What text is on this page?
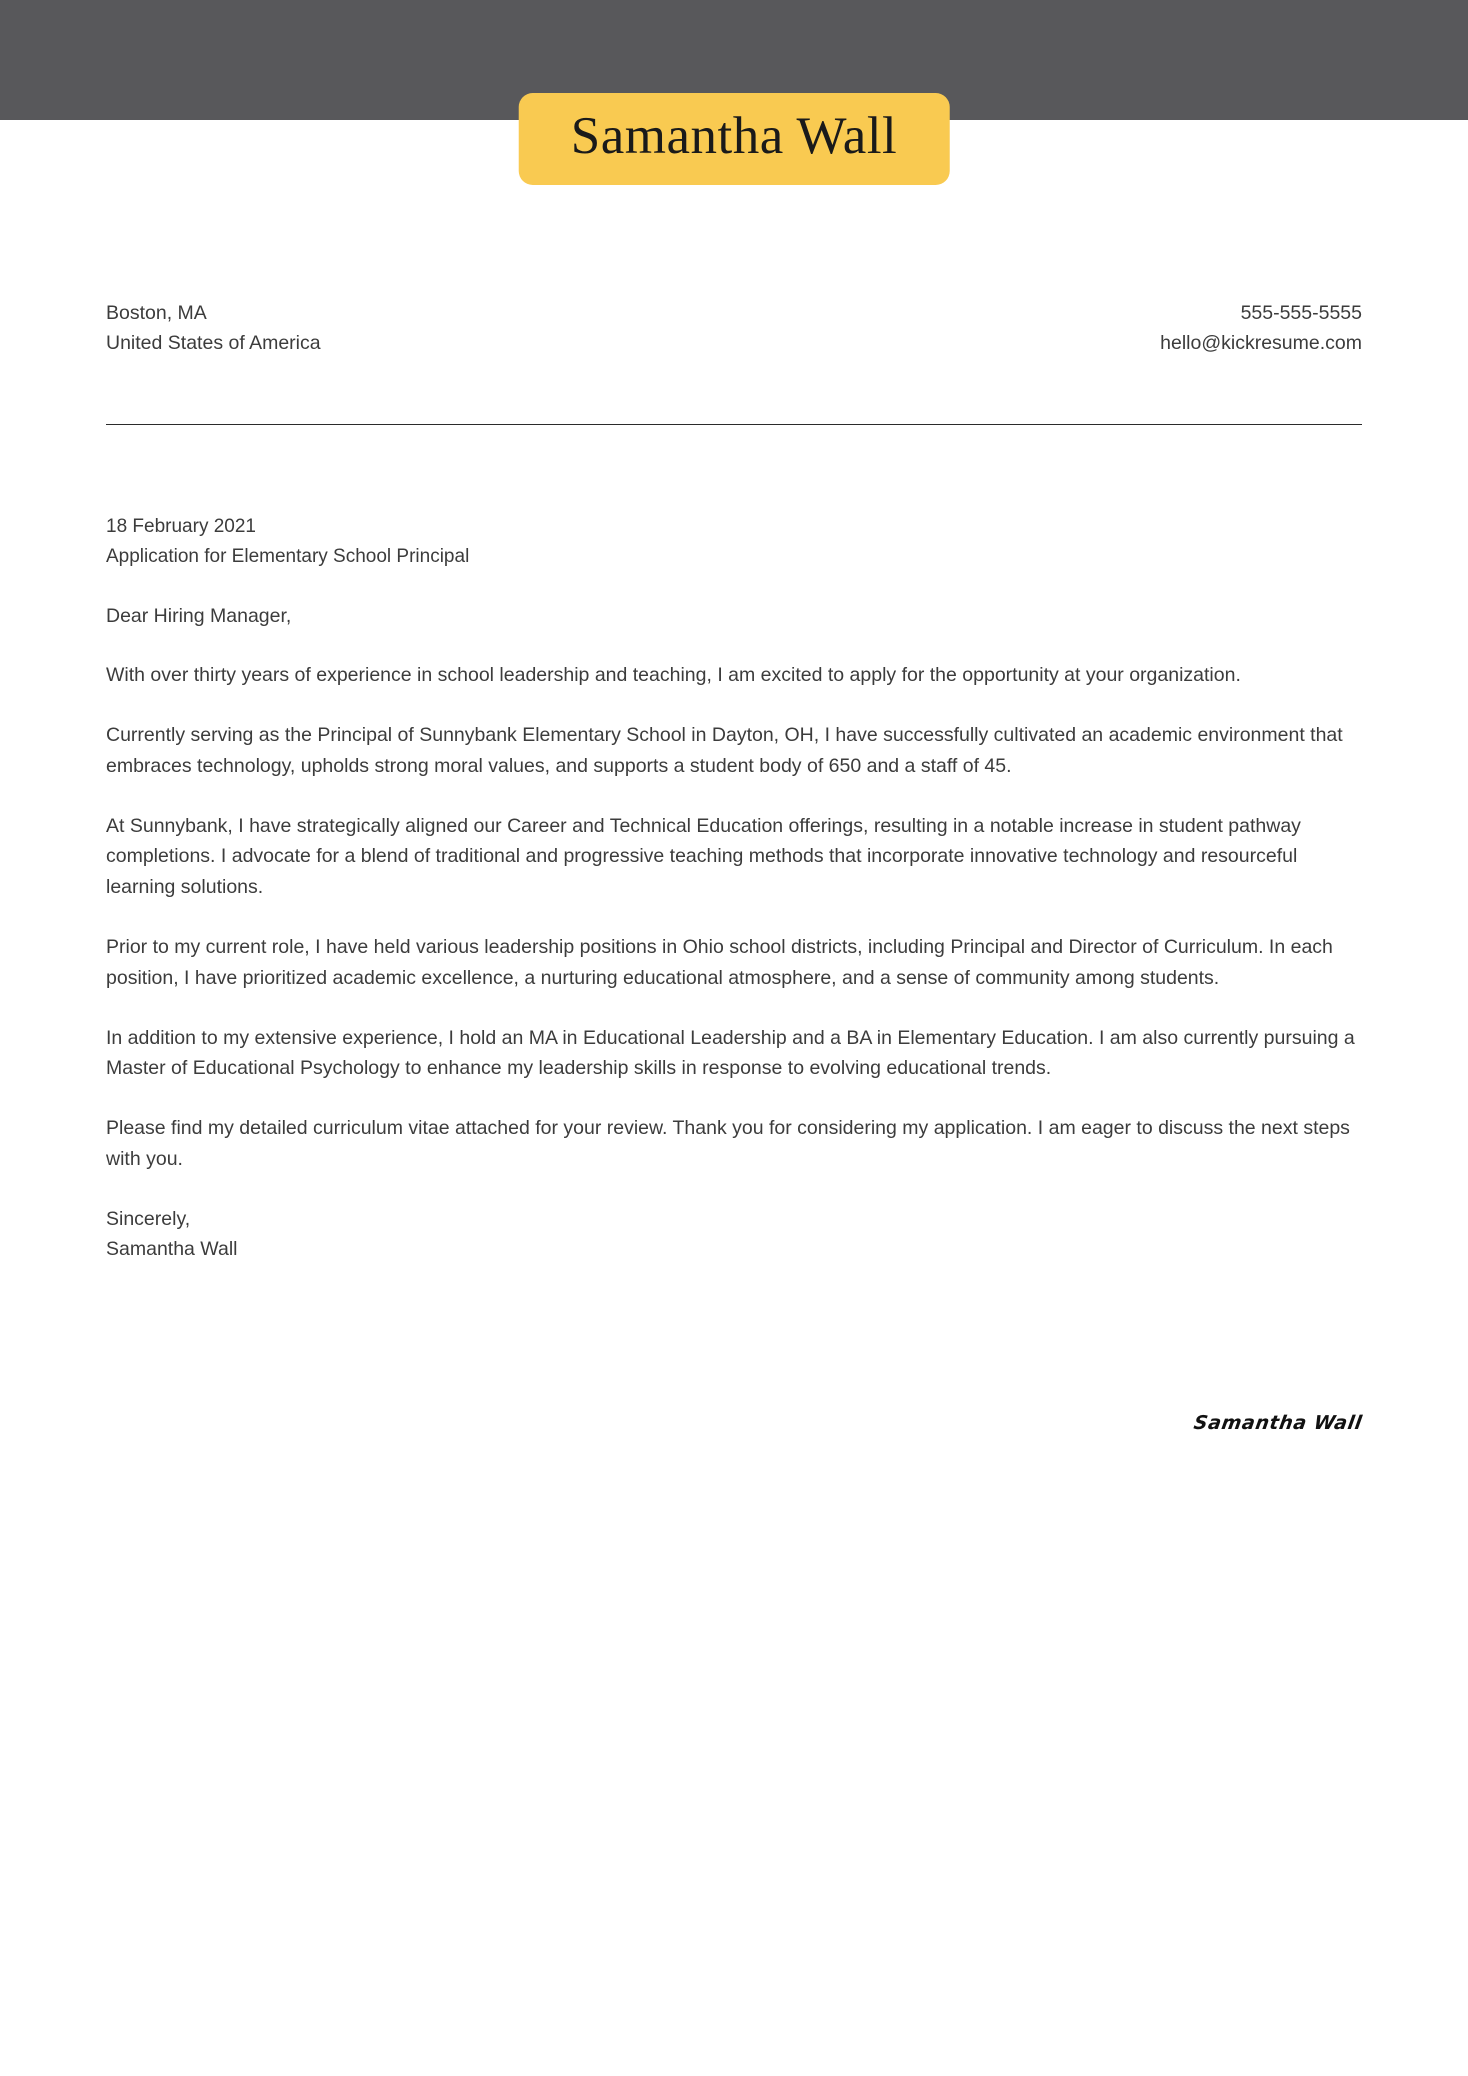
Samantha Wall
Boston, MA
United States of America
555-555-5555
hello@kickresume.com
18 February 2021
Application for Elementary School Principal
Dear Hiring Manager,

With over thirty years of experience in school leadership and teaching, I am excited to apply for the opportunity at your organization.

Currently serving as the Principal of Sunnybank Elementary School in Dayton, OH, I have successfully cultivated an academic environment that embraces technology, upholds strong moral values, and supports a student body of 650 and a staff of 45.

At Sunnybank, I have strategically aligned our Career and Technical Education offerings, resulting in a notable increase in student pathway completions. I advocate for a blend of traditional and progressive teaching methods that incorporate innovative technology and resourceful learning solutions.

Prior to my current role, I have held various leadership positions in Ohio school districts, including Principal and Director of Curriculum. In each position, I have prioritized academic excellence, a nurturing educational atmosphere, and a sense of community among students.

In addition to my extensive experience, I hold an MA in Educational Leadership and a BA in Elementary Education. I am also currently pursuing a Master of Educational Psychology to enhance my leadership skills in response to evolving educational trends.

Please find my detailed curriculum vitae attached for your review. Thank you for considering my application. I am eager to discuss the next steps with you.

Sincerely,
Samantha Wall
Samantha Wall
